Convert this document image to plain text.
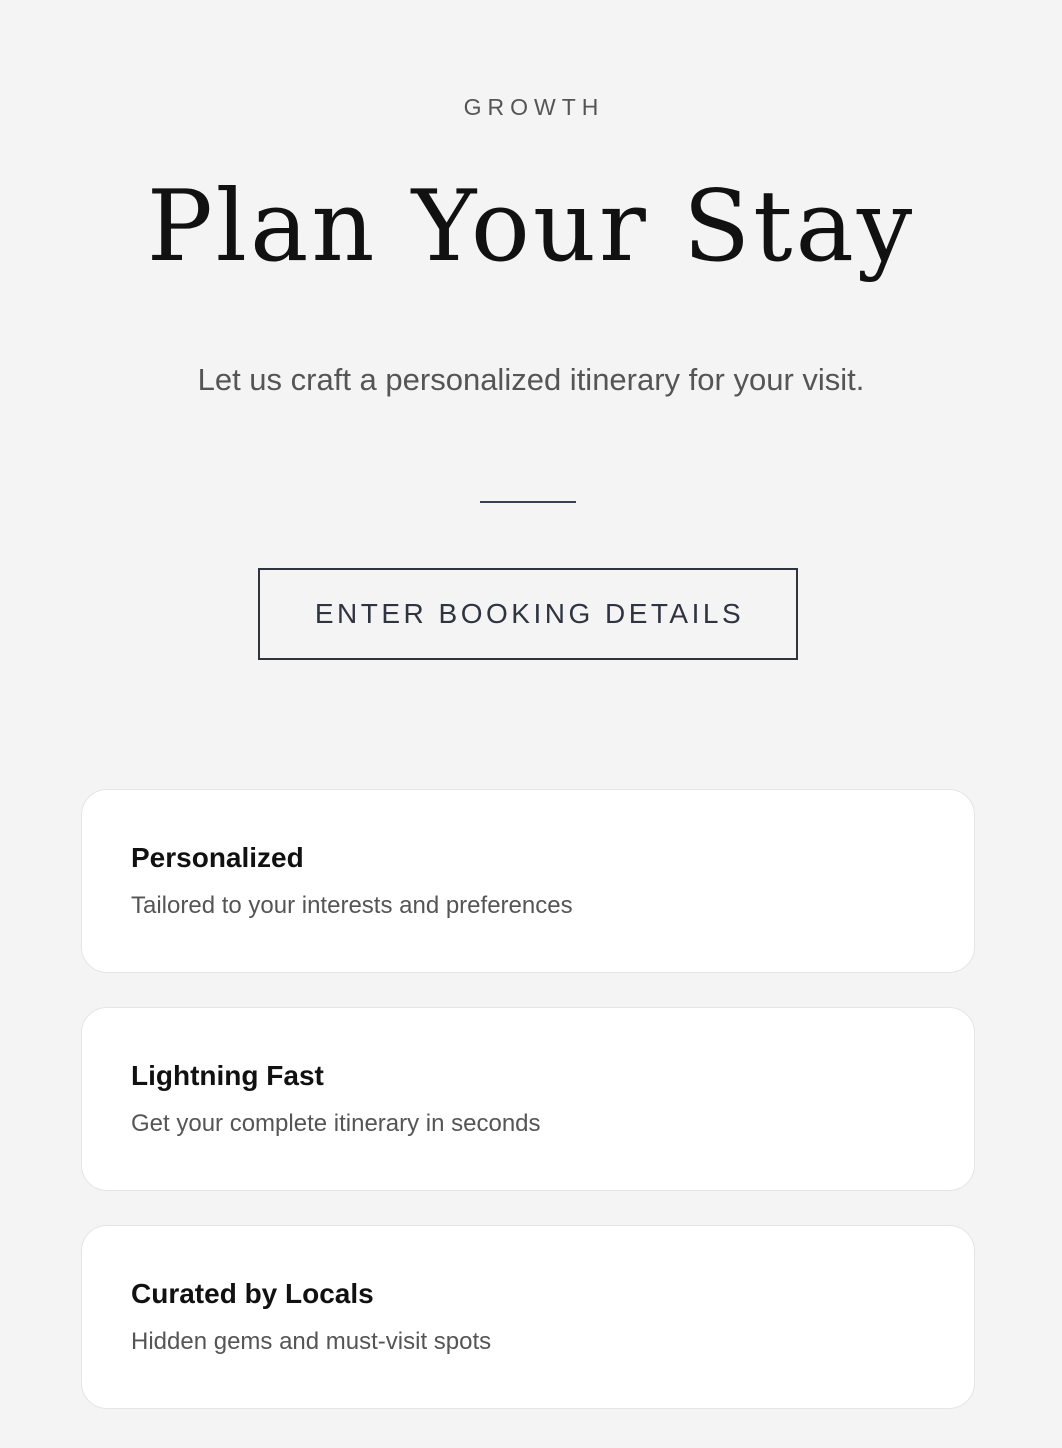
GROWTH
Plan Your Stay
Let us craft a personalized itinerary for your visit.
ENTER BOOKING DETAILS
Personalized
Tailored to your interests and preferences
Lightning Fast
Get your complete itinerary in seconds
Curated by Locals
Hidden gems and must-visit spots
